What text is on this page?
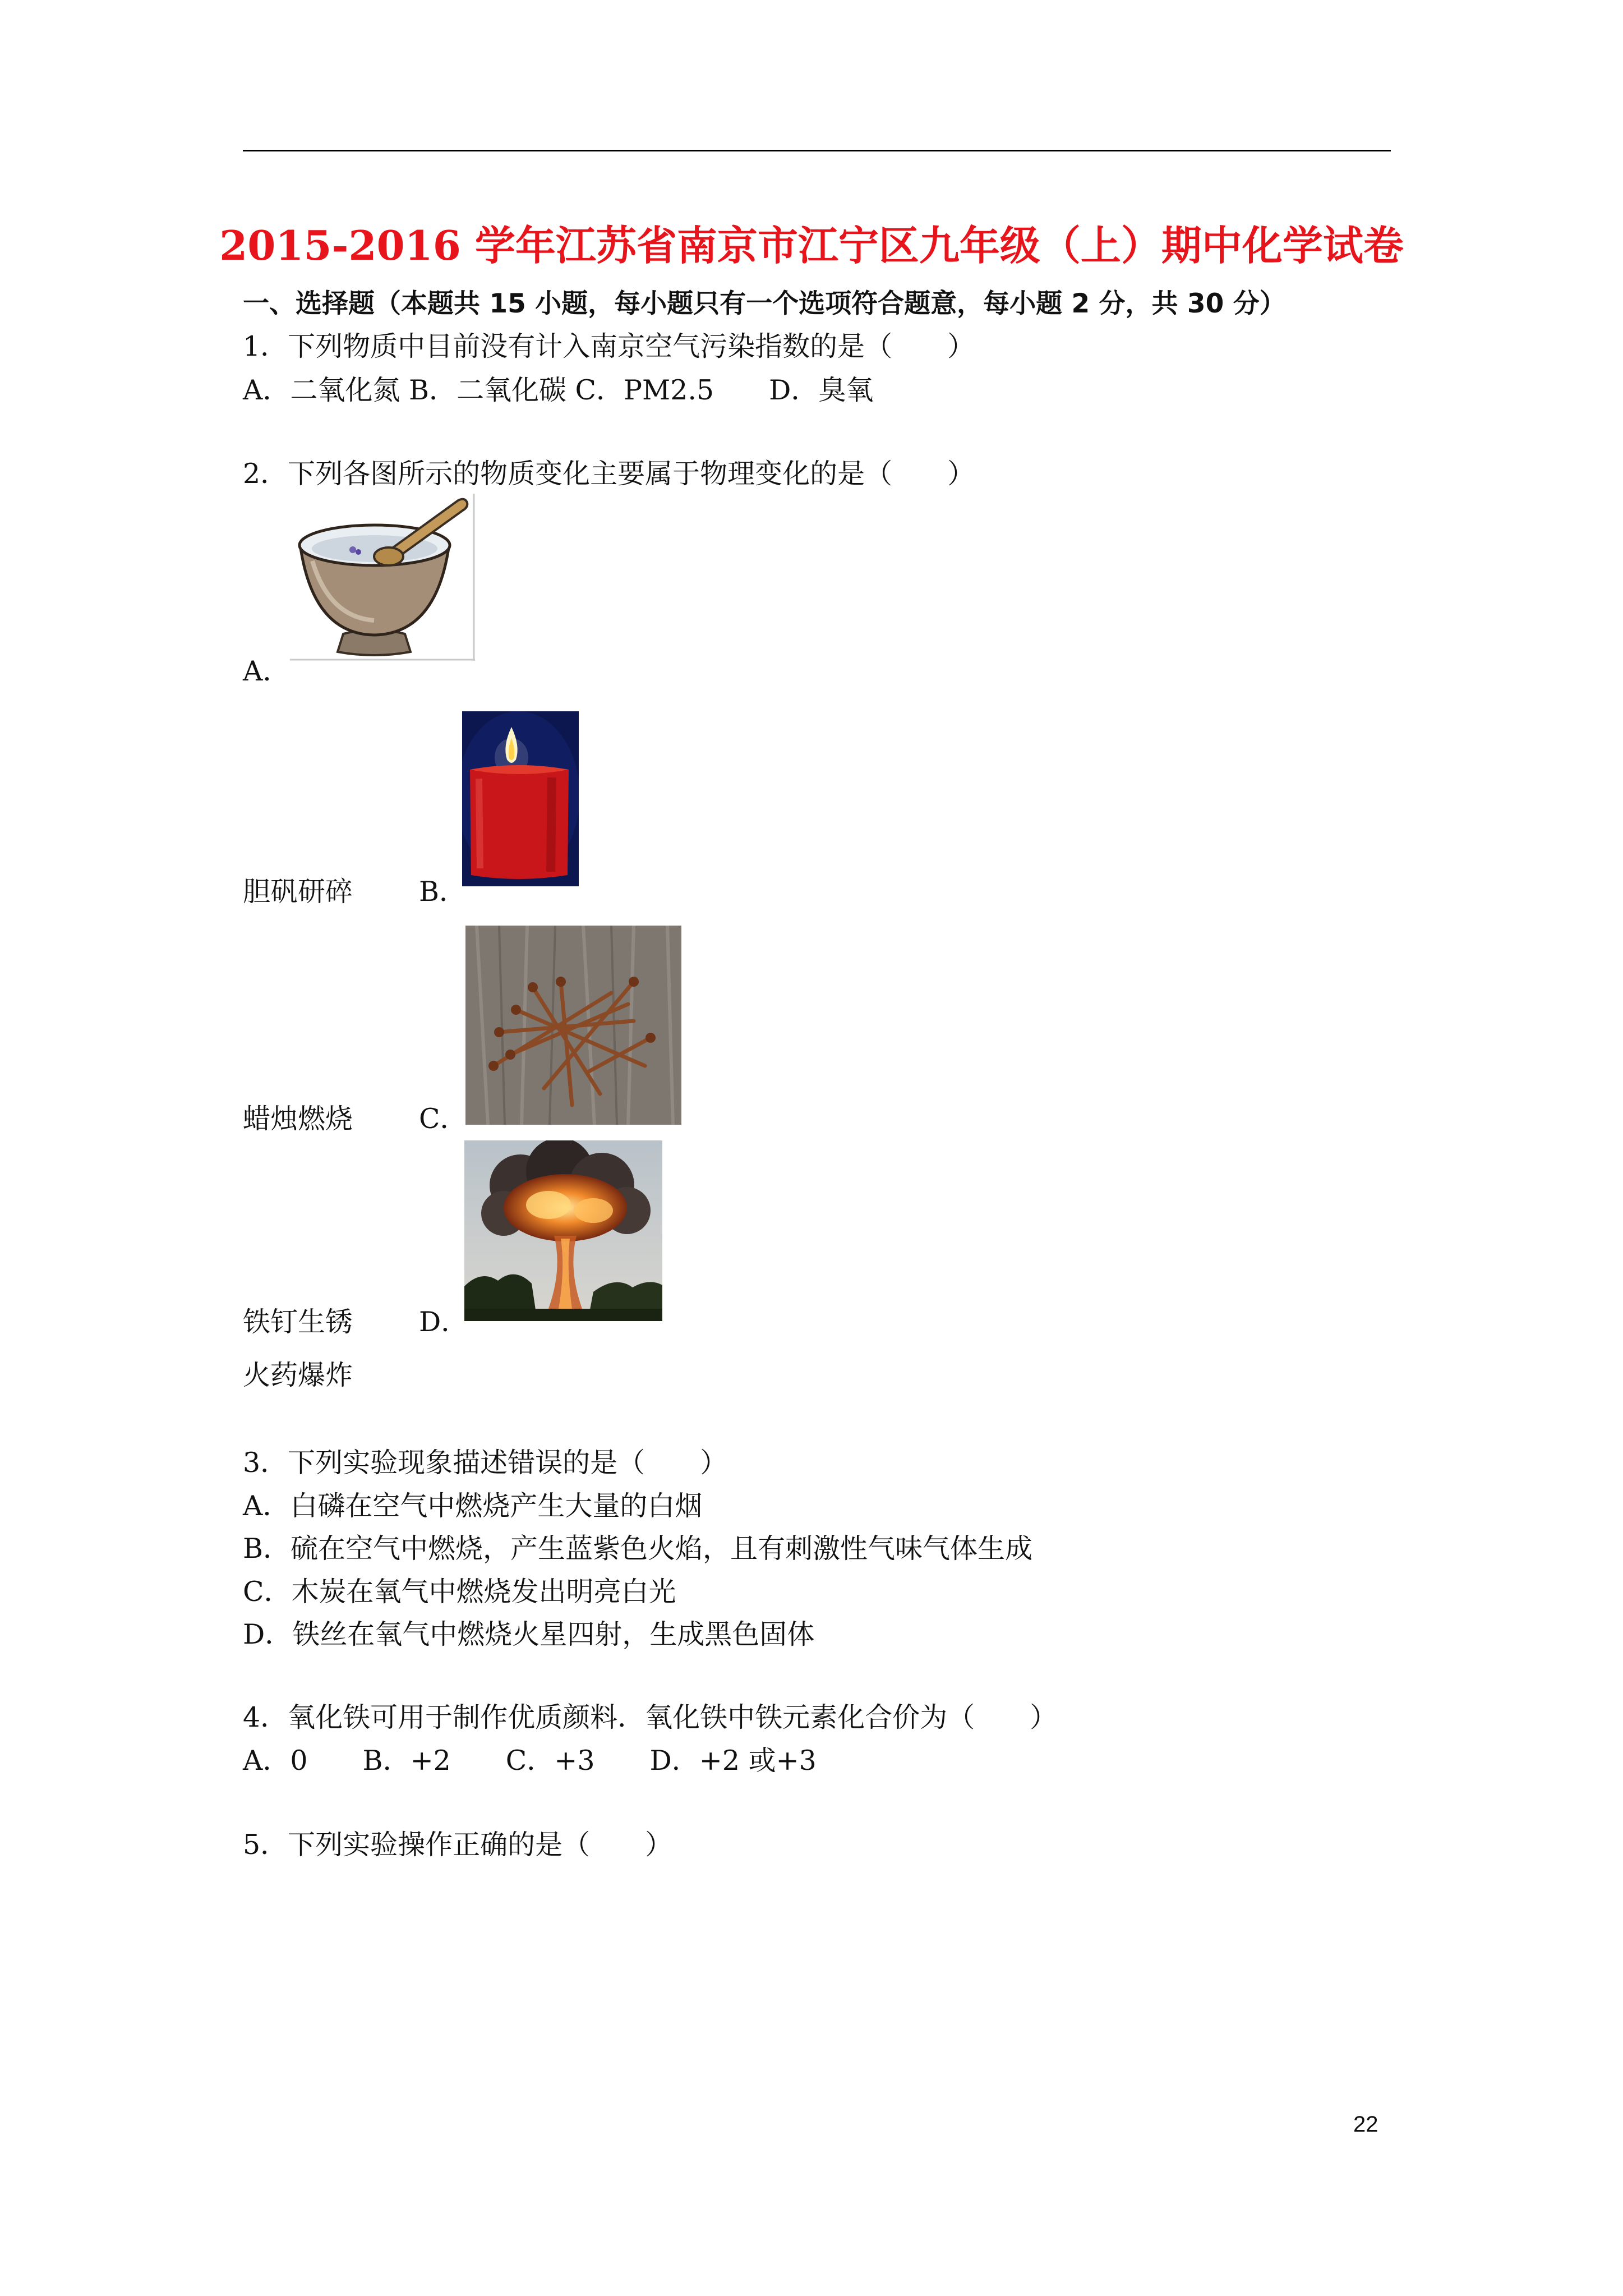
2015-2016 学年江苏省南京市江宁区九年级（上）期中化学试卷
一、选择题（本题共 15 小题，每小题只有一个选项符合题意，每小题 2 分，共 30 分）
1．下列物质中目前没有计入南京空气污染指数的是（　　）
A．二氧化氮 B．二氧化碳 C．PM2.5　　D．臭氧
2．下列各图所示的物质变化主要属于物理变化的是（　　）
A．
胆矾研碎 B．
蜡烛燃烧 C．
铁钉生锈 D．
火药爆炸
3．下列实验现象描述错误的是（　　）
A．白磷在空气中燃烧产生大量的白烟
B．硫在空气中燃烧，产生蓝紫色火焰，且有刺激性气味气体生成
C．木炭在氧气中燃烧发出明亮白光
D．铁丝在氧气中燃烧火星四射，生成黑色固体
4．氧化铁可用于制作优质颜料．氧化铁中铁元素化合价为（　　）
A．0　　B．+2　　C．+3　　D．+2 或+3
5．下列实验操作正确的是（　　）
22
